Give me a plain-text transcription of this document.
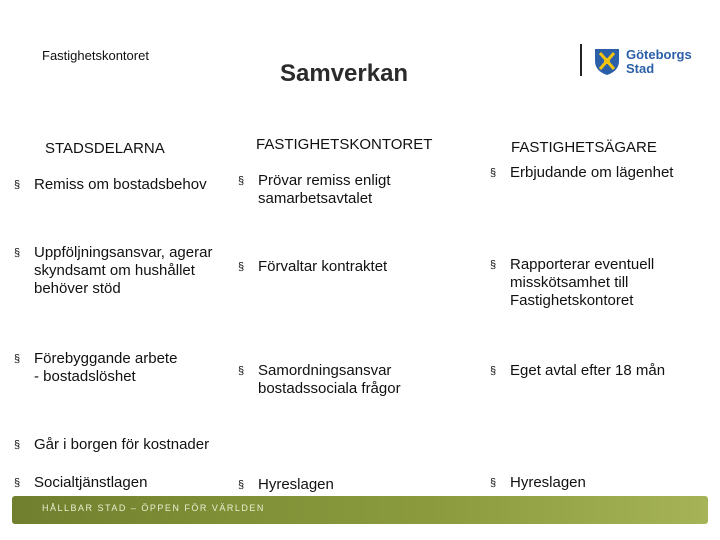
Fastighetskontoret
Samverkan
Göteborgs
Stad
STADSDELARNA	FASTIGHETSKONTORET	FASTIGHETSÄGARE
§ Remiss om bostadsbehov
§ Uppföljningsansvar, agerar
skyndsamt om hushållet
behöver stöd
§ Förebyggande arbete
- bostadslöshet
§ Går i borgen för kostnader
§ Socialtjänstlagen
§ Prövar remiss enligt
samarbetsavtalet
§ Förvaltar kontraktet
§ Samordningsansvar
bostadssociala frågor
§ Hyreslagen
§ Erbjudande om lägenhet
§ Rapporterar eventuell
misskötsamhet till
Fastighetskontoret
§ Eget avtal efter 18 mån
§ Hyreslagen
HÅLLBAR STAD – ÖPPEN FÖR VÄRLDEN
